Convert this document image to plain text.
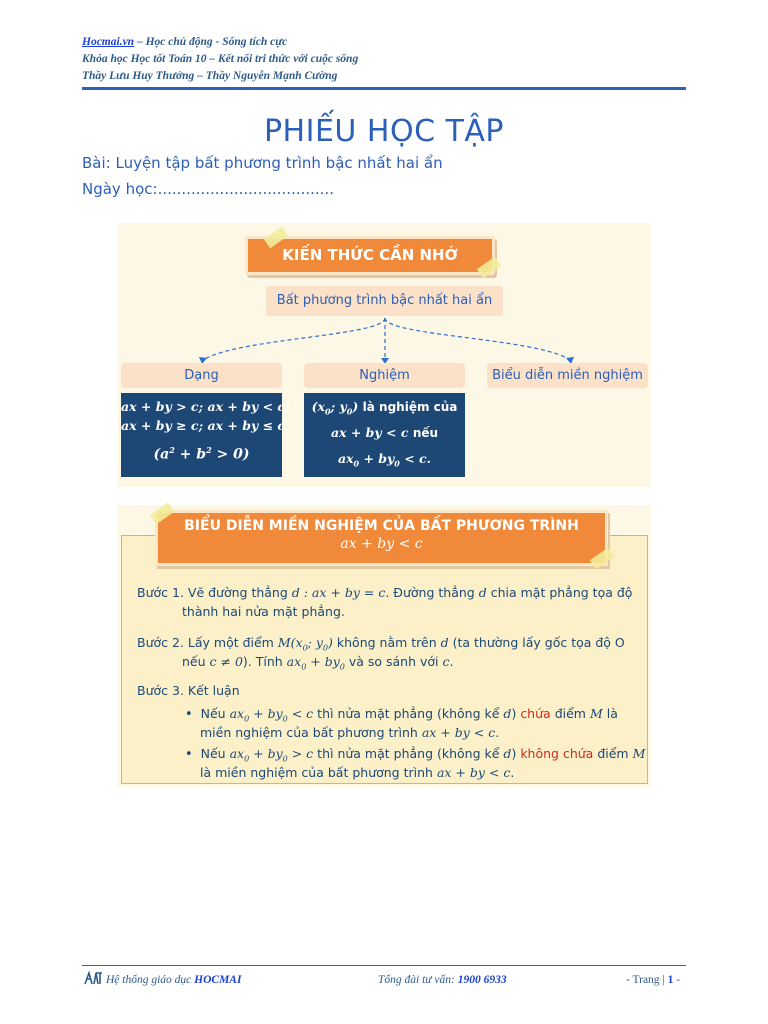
Hocmai.vn – Học chủ động - Sống tích cực
Khóa học Học tốt Toán 10 – Kết nối tri thức với cuộc sống
Thầy Lưu Huy Thưởng – Thầy Nguyễn Mạnh Cường
PHIẾU HỌC TẬP
Bài: Luyện tập bất phương trình bậc nhất hai ẩn
Ngày học:.....................................
KIẾN THỨC CẦN NHỚ
Bất phương trình bậc nhất hai ẩn
Dạng	Nghiệm	Biểu diễn miền nghiệm
ax + by > c; ax + by < c;
ax + by ≥ c; ax + by ≤ c.
$(a^2 + b^2 > 0)$
($x_0$; $y_0$) là nghiệm của
ax + by < c nếu
$ax_0 + by_0 < c$.
BIỂU DIỄN MIỀN NGHIỆM CỦA BẤT PHƯƠNG TRÌNH
ax + by < c
Bước 1. Vẽ đường thẳng d : ax + by = c. Đường thẳng d chia mặt phẳng tọa độ
thành hai nửa mặt phẳng.
Bước 2. Lấy một điểm $M(x_0$; $y_0$) không nằm trên d (ta thường lấy gốc tọa độ O
nếu c ≠ 0). Tính $ax_0 + by_0$ và so sánh với c.
Bước 3. Kết luận
• Nếu $ax_0 + by_0 < c$ thì nửa mặt phẳng (không kể d) chứa điểm M là
miền nghiệm của bất phương trình ax + by < c.
• Nếu $ax_0 + by_0 > c$ thì nửa mặt phẳng (không kể d) không chứa điểm M
là miền nghiệm của bất phương trình ax + by < c.
Hệ thống giáo dục HOCMAI	Tổng đài tư vấn: 1900 6933	- Trang | 1 -
